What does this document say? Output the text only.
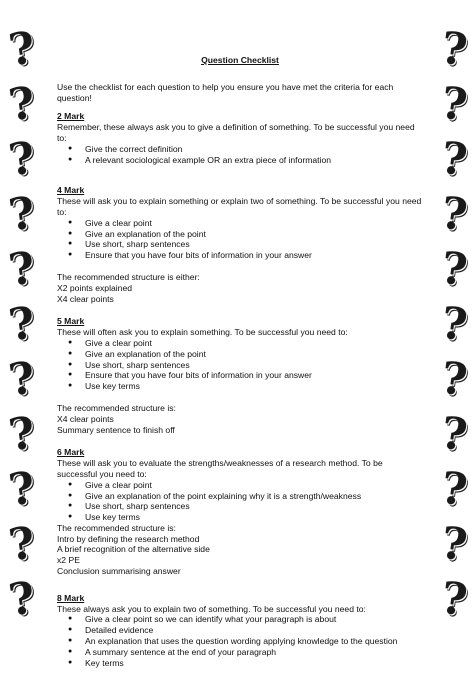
?
?
?
?
?
?
?
?
?
?
?
?
?
?
?
?
?
?
?
?
?
?

Question Checklist

Use the checklist for each question to help you ensure you have met the criteria for each question!

2 Mark

Remember, these always ask you to give a definition of something. To be successful you need to:

● Give the correct definition
● A relevant sociological example OR an extra piece of information

4 Mark

These will ask you to explain something or explain two of something. To be successful you need to:

● Give a clear point
● Give an explanation of the point
● Use short, sharp sentences
● Ensure that you have four bits of information in your answer

The recommended structure is either:

X2 points explained

X4 clear points

5 Mark

These will often ask you to explain something. To be successful you need to:

● Give a clear point
● Give an explanation of the point
● Use short, sharp sentences
● Ensure that you have four bits of information in your answer
● Use key terms

The recommended structure is:

X4 clear points

Summary sentence to finish off

6 Mark

These will ask you to evaluate the strengths/weaknesses of a research method. To be successful you need to:

● Give a clear point
● Give an explanation of the point explaining why it is a strength/weakness
● Use short, sharp sentences
● Use key terms

The recommended structure is:

Intro by defining the research method

A brief recognition of the alternative side

x2 PE

Conclusion summarising answer

8 Mark

These always ask you to explain two of something. To be successful you need to:

● Give a clear point so we can identify what your paragraph is about
● Detailed evidence
● An explanation that uses the question wording applying knowledge to the question
● A summary sentence at the end of your paragraph
● Key terms
